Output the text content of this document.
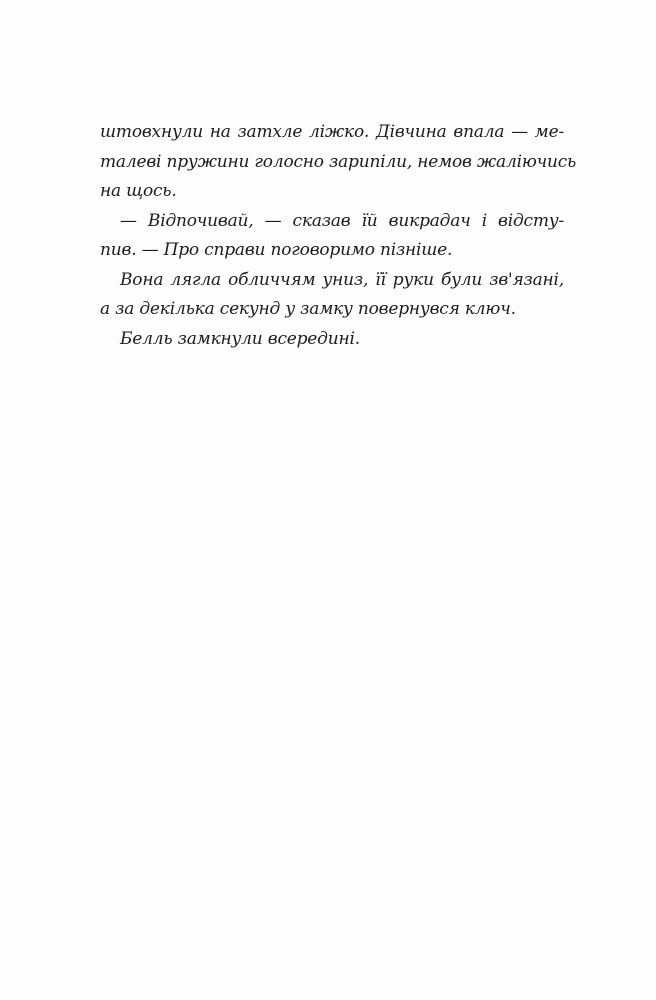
штовхнули на затхле ліжко. Дівчина впала — ме-
талеві пружини голосно зарипіли, немов жаліючись
на щось.
— Відпочивай, — сказав їй викрадач і відсту-
пив. — Про справи поговоримо пізніше.
Вона лягла обличчям униз, її руки були зв'язані,
а за декілька секунд у замку повернувся ключ.
Белль замкнули всередині.
